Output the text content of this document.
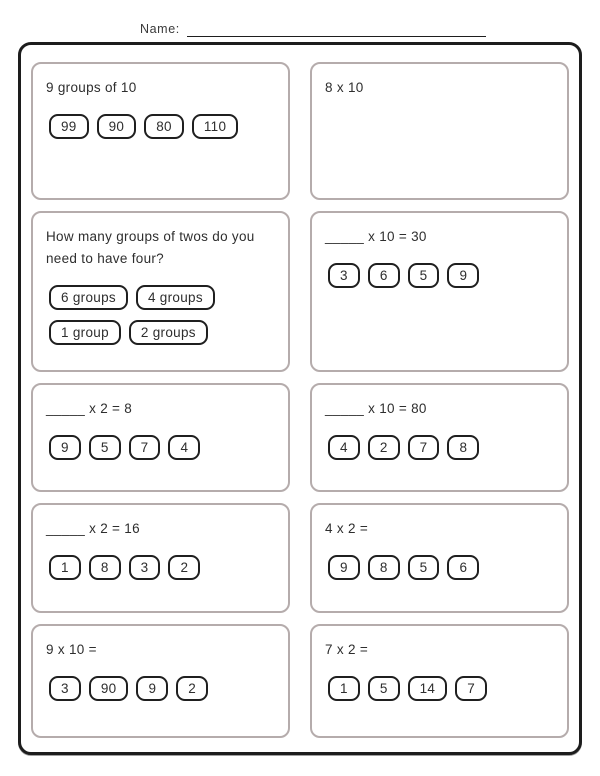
Name:
9 groups of 10
99	90	80	110
8 x 10
How many groups of twos do you need to have four?
6 groups	4 groups
1 group	2 groups
_____ x 10 = 30
3	6	5	9
_____ x 2 = 8
9	5	7	4
_____ x 10 = 80
4	2	7	8
_____ x 2 = 16
1	8	3	2
4 x 2 =
9	8	5	6
9 x 10 =
3	90	9	2
7 x 2 =
1	5	14	7
